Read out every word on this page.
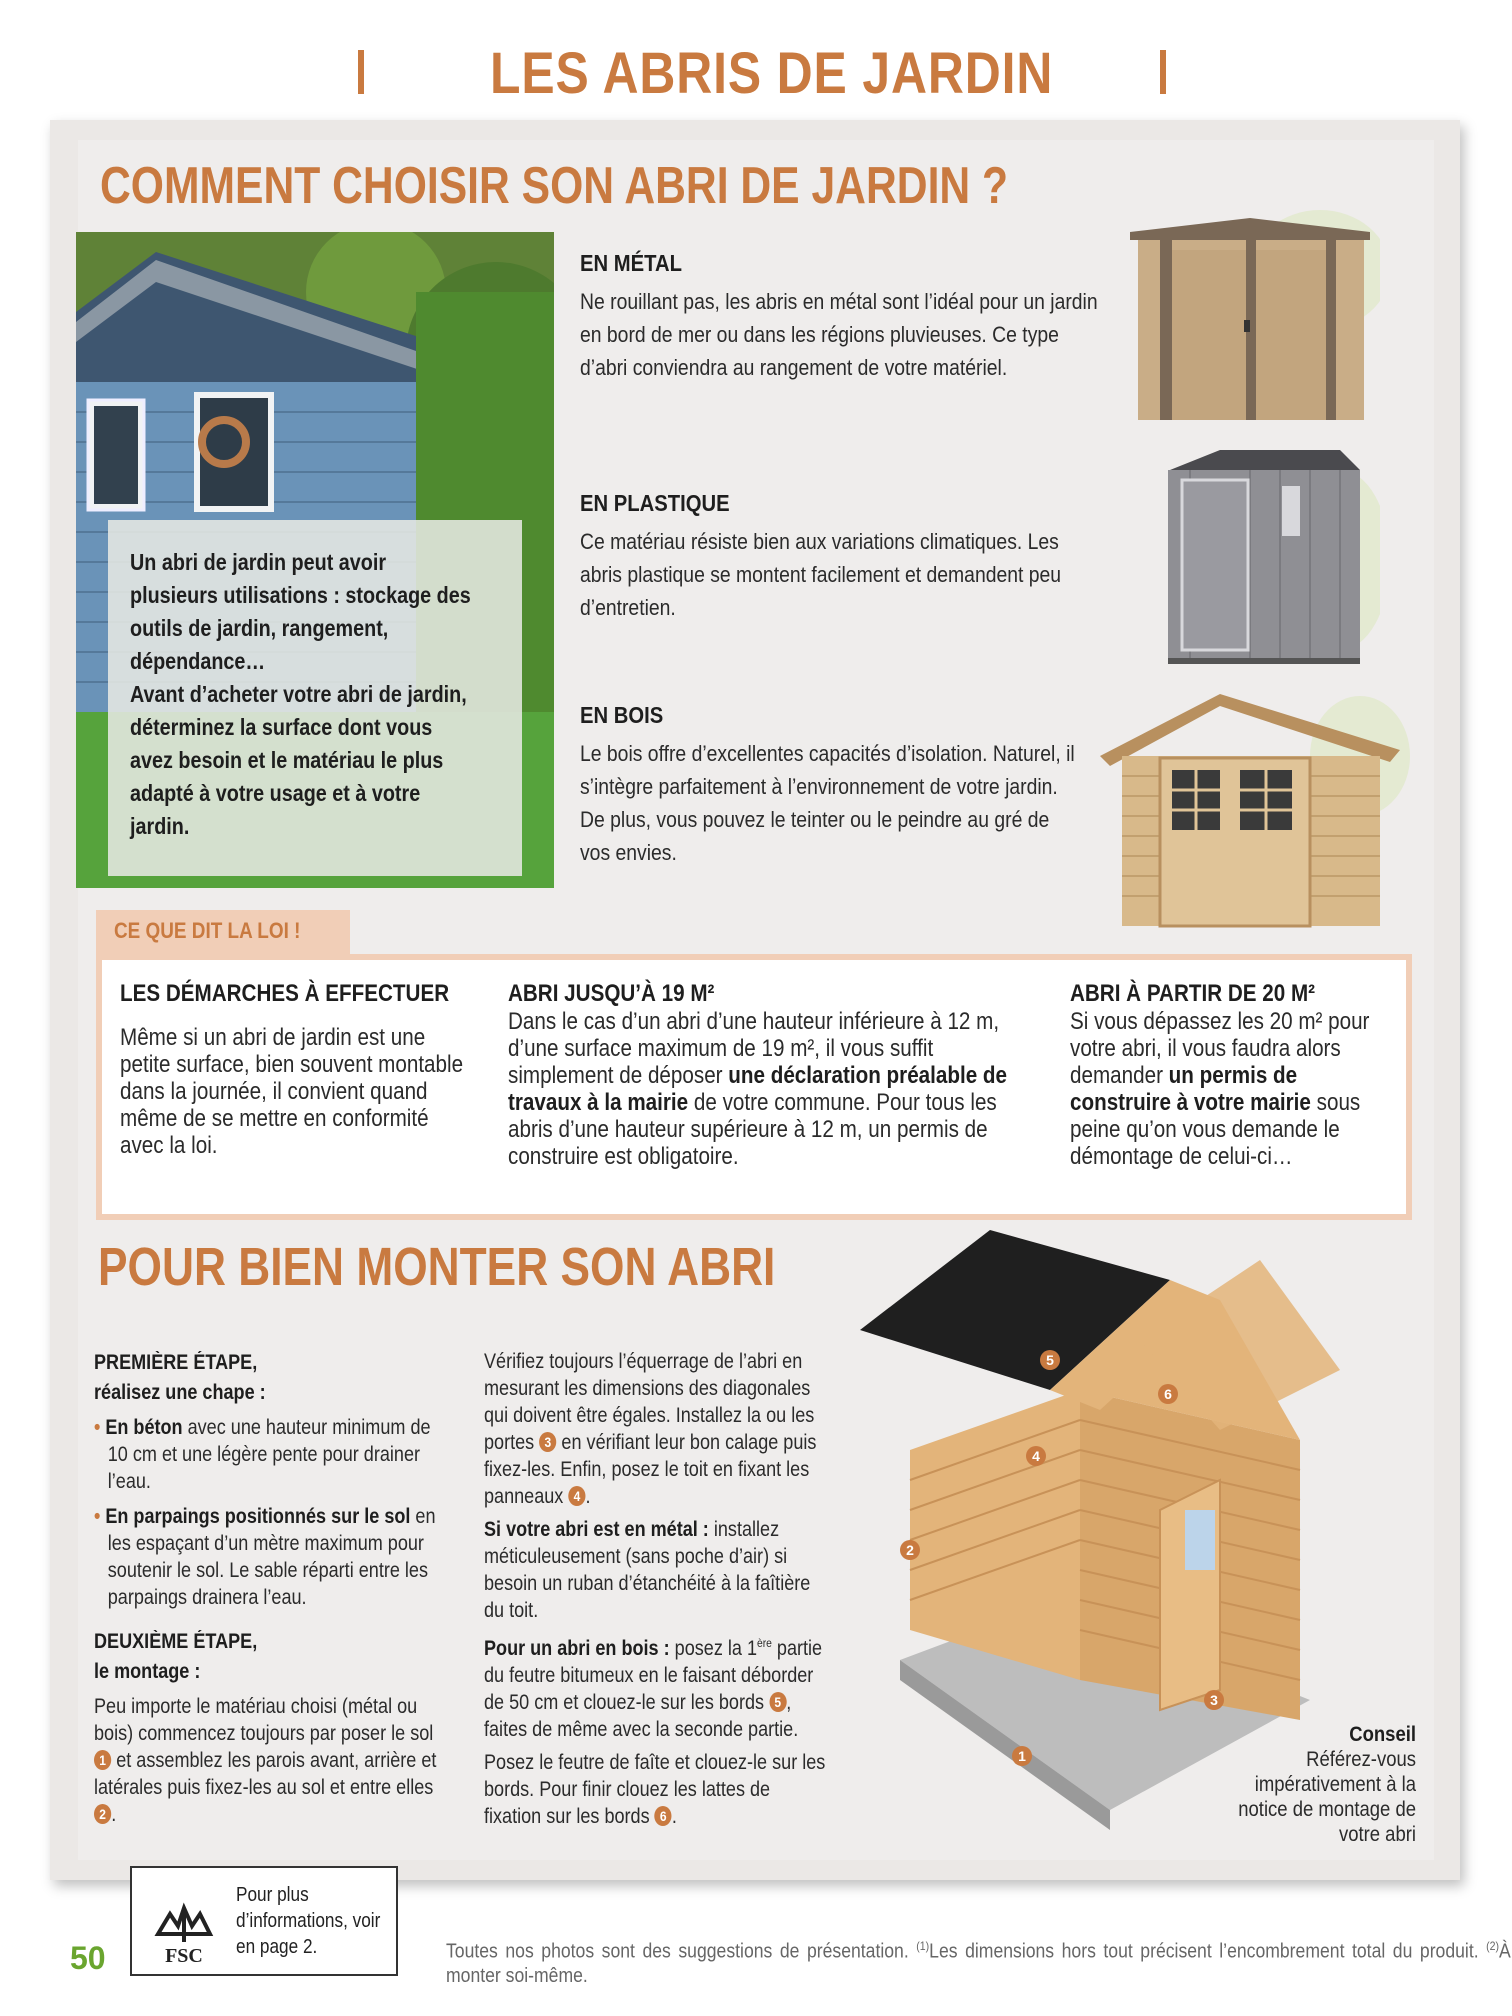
LES ABRIS DE JARDIN
COMMENT CHOISIR SON ABRI DE JARDIN ?
Un abri de jardin peut avoir plusieurs utilisations : stockage des outils de jardin, rangement, dépendance…
Avant d’acheter votre abri de jardin, déterminez la surface dont vous avez besoin et le matériau le plus adapté à votre usage et à votre jardin.
EN MÉTAL
Ne rouillant pas, les abris en métal sont l’idéal pour un jardin en bord de mer ou dans les régions pluvieuses. Ce type d’abri conviendra au rangement de votre matériel.
EN PLASTIQUE
Ce matériau résiste bien aux variations climatiques. Les abris plastique se montent facilement et demandent peu d’entretien.
EN BOIS
Le bois offre d’excellentes capacités d’isolation. Naturel, il s’intègre parfaitement à l’environnement de votre jardin. De plus, vous pouvez le teinter ou le peindre au gré de vos envies.
CE QUE DIT LA LOI !
LES DÉMARCHES À EFFECTUER
Même si un abri de jardin est une petite surface, bien souvent montable dans la journée, il convient quand même de se mettre en conformité avec la loi.
ABRI JUSQU’À 19 M²
Dans le cas d’un abri d’une hauteur inférieure à 12 m, d’une surface maximum de 19 m², il vous suffit simplement de déposer une déclaration préalable de travaux à la mairie de votre commune. Pour tous les abris d’une hauteur supérieure à 12 m, un permis de construire est obligatoire.
ABRI À PARTIR DE 20 M²
Si vous dépassez les 20 m² pour votre abri, il vous faudra alors demander un permis de construire à votre mairie sous peine qu’on vous demande le démontage de celui-ci…
POUR BIEN MONTER SON ABRI
PREMIÈRE ÉTAPE,
réalisez une chape :
• En béton avec une hauteur minimum de 10 cm et une légère pente pour drainer l’eau.
• En parpaings positionnés sur le sol en les espaçant d’un mètre maximum pour soutenir le sol. Le sable réparti entre les parpaings drainera l’eau.
DEUXIÈME ÉTAPE,
le montage :
Peu importe le matériau choisi (métal ou bois) commencez toujours par poser le sol 1 et assemblez les parois avant, arrière et latérales puis fixez-les au sol et entre elles 2 .
Vérifiez toujours l’équerrage de l’abri en mesurant les dimensions des diagonales qui doivent être égales. Installez la ou les portes 3 en vérifiant leur bon calage puis fixez-les. Enfin, posez le toit en fixant les panneaux 4 .
Si votre abri est en métal : installez méticuleusement (sans poche d’air) si besoin un ruban d’étanchéité à la faîtière du toit.
Pour un abri en bois : posez la 1ère partie du feutre bitumeux en le faisant déborder de 50 cm et clouez-le sur les bords 5 , faites de même avec la seconde partie.
Posez le feutre de faîte et clouez-le sur les bords. Pour finir clouez les lattes de fixation sur les bords 6 .
5
6
4
2
3
1
Conseil
Référez-vous impérativement à la notice de montage de votre abri
FSC
Pour plus d’informations, voir en page 2.
50	Toutes nos photos sont des suggestions de présentation. $^{(1)}$Les dimensions hors tout précisent l’encombrement total du produit. $^{(2)}$À monter soi-même.
